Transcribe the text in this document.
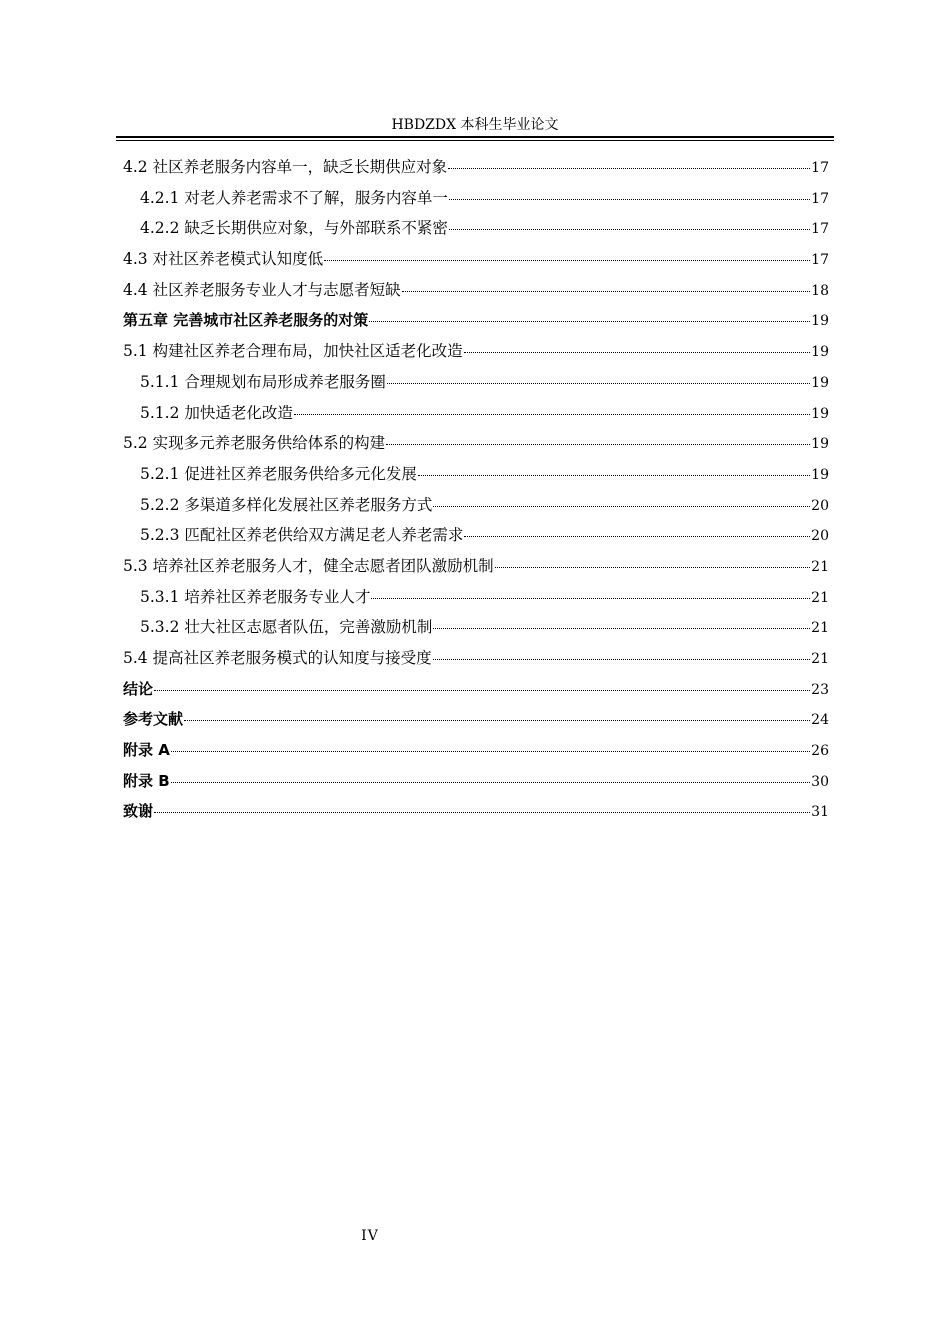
HBDZDX 本科生毕业论文
4.2 社区养老服务内容单一，缺乏长期供应对象	17
4.2.1 对老人养老需求不了解，服务内容单一	17
4.2.2 缺乏长期供应对象，与外部联系不紧密	17
4.3 对社区养老模式认知度低	17
4.4 社区养老服务专业人才与志愿者短缺	18
第五章 完善城市社区养老服务的对策	19
5.1 构建社区养老合理布局，加快社区适老化改造	19
5.1.1 合理规划布局形成养老服务圈	19
5.1.2 加快适老化改造	19
5.2 实现多元养老服务供给体系的构建	19
5.2.1 促进社区养老服务供给多元化发展	19
5.2.2 多渠道多样化发展社区养老服务方式	20
5.2.3 匹配社区养老供给双方满足老人养老需求	20
5.3 培养社区养老服务人才，健全志愿者团队激励机制	21
5.3.1 培养社区养老服务专业人才	21
5.3.2 壮大社区志愿者队伍，完善激励机制	21
5.4 提高社区养老服务模式的认知度与接受度	21
结论	23
参考文献	24
附录 A	26
附录 B	30
致谢	31
IV
